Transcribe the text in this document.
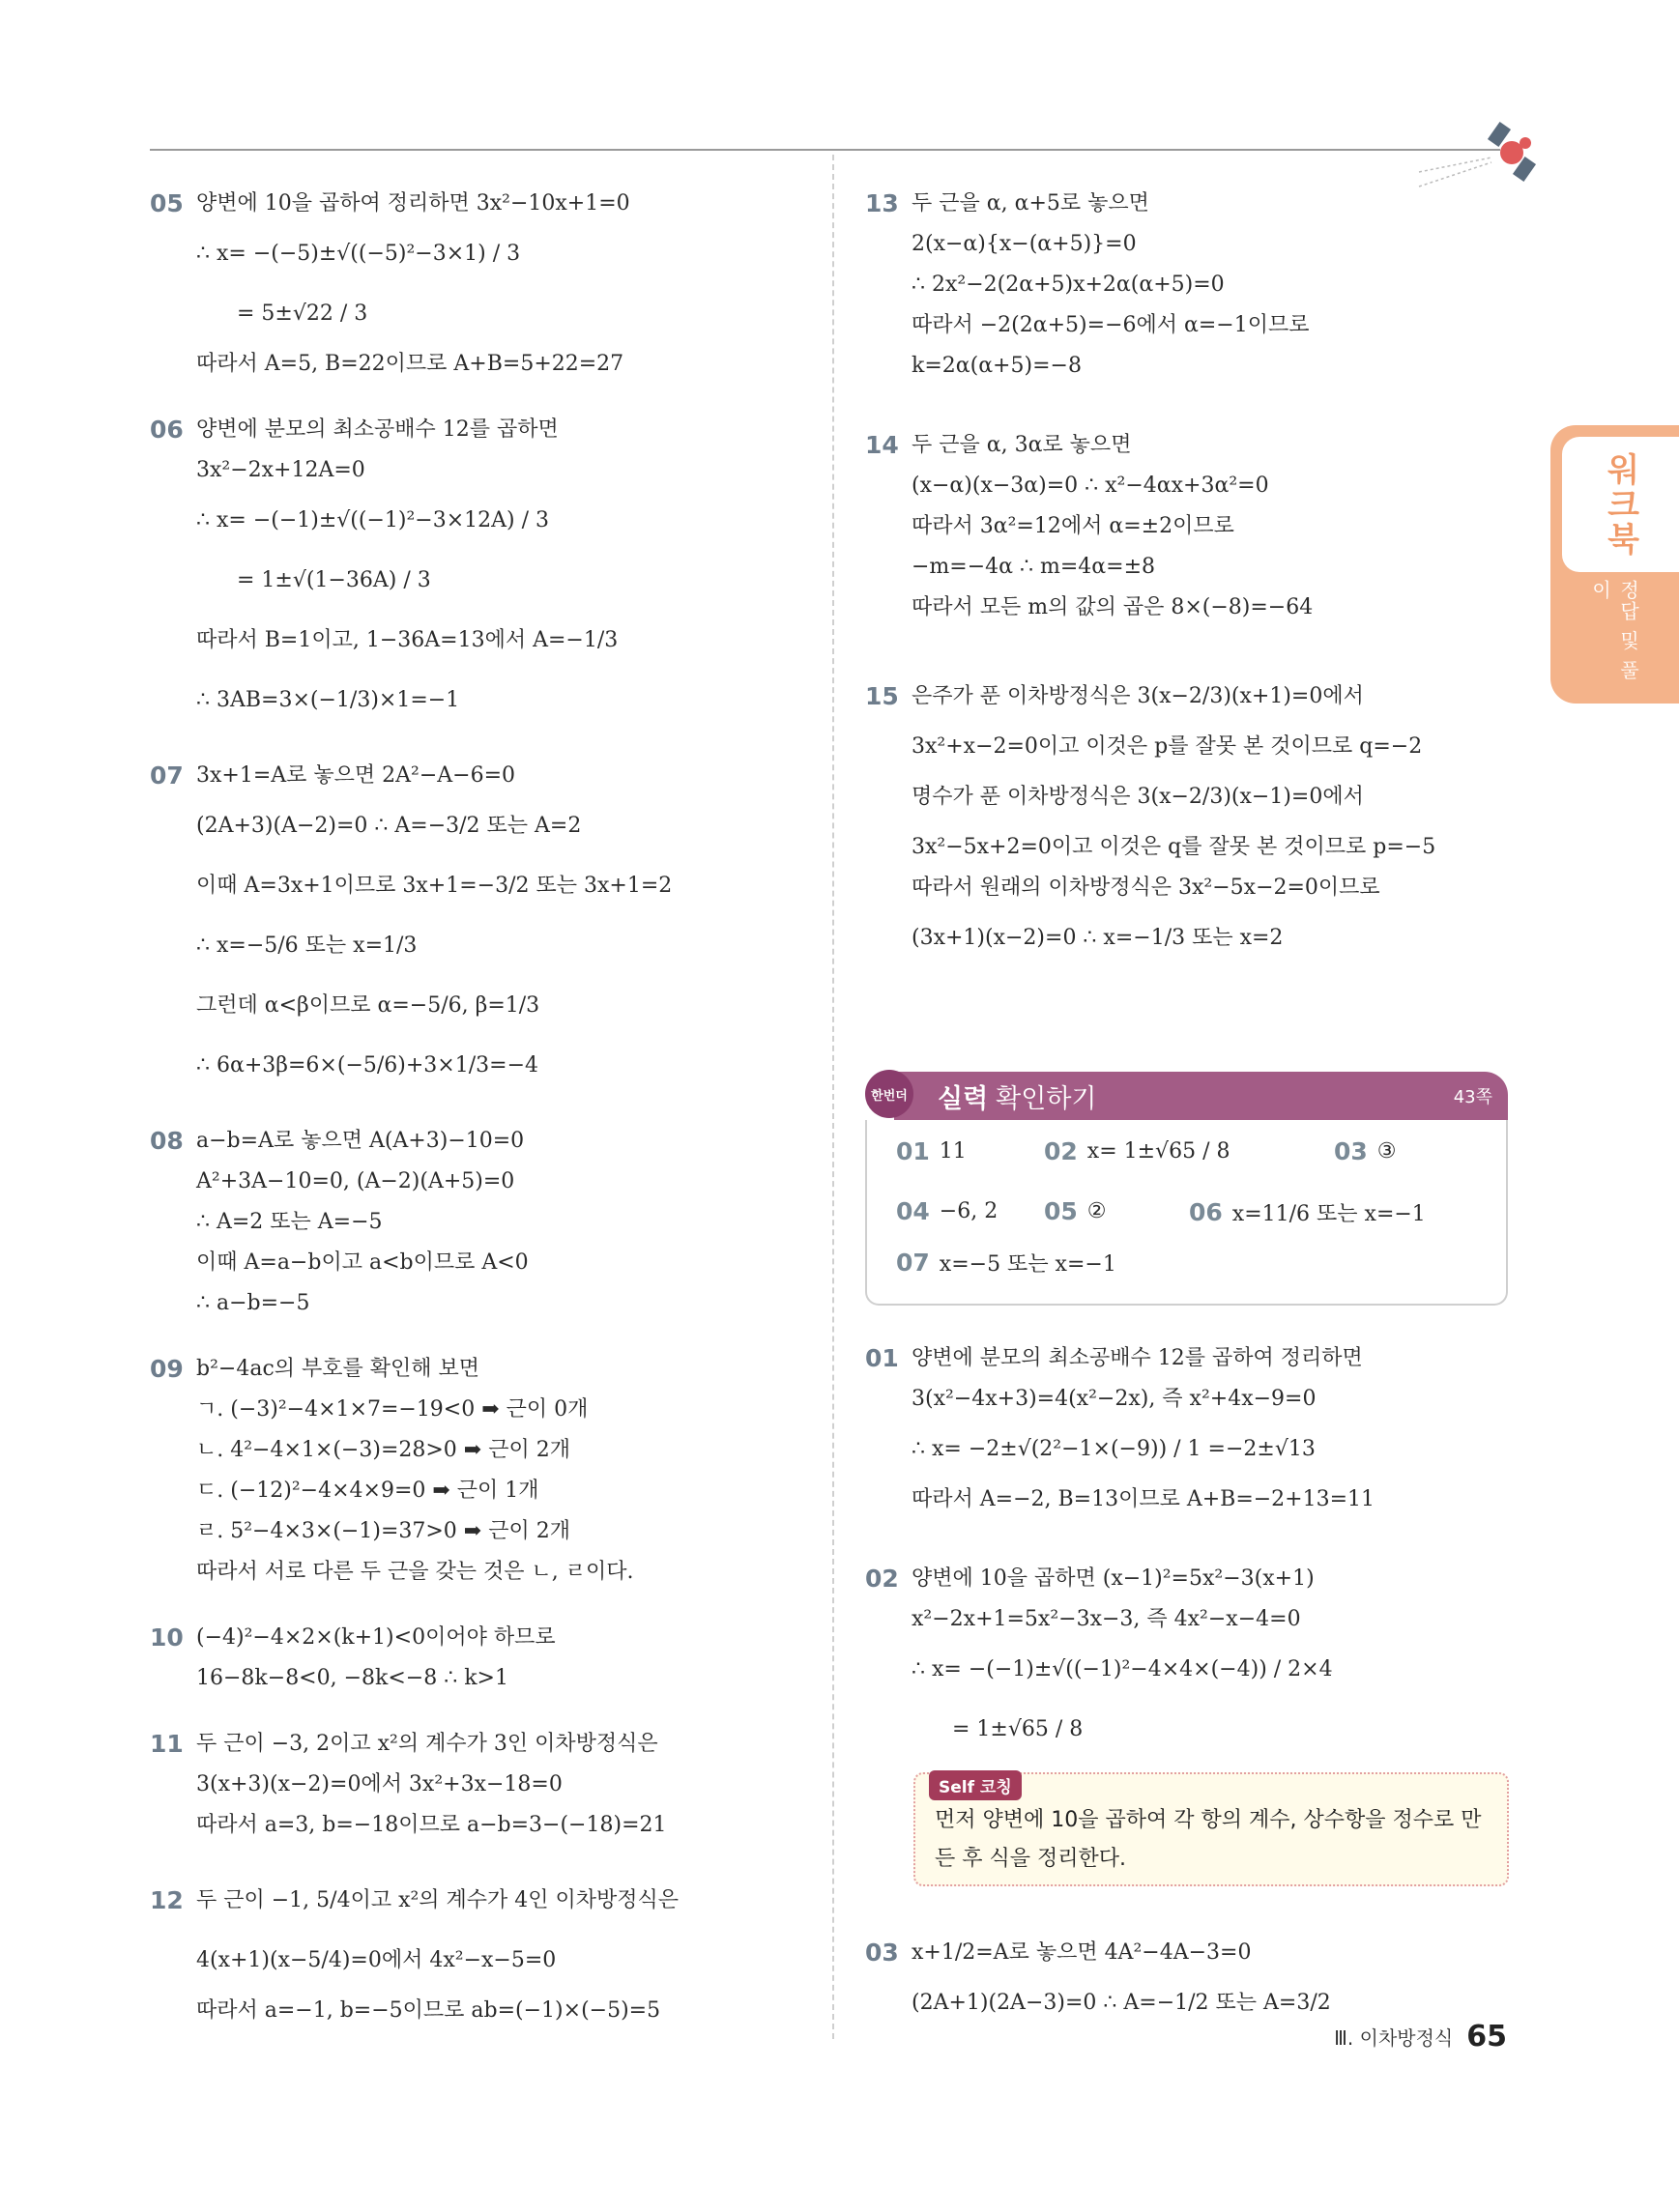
워크북
정답 및 풀이
05 양변에 10을 곱하여 정리하면 3x²−10x+1=0
∴ x= −(−5)±√((−5)²−3×1) / 3
= 5±√22 / 3
따라서 A=5, B=22이므로 A+B=5+22=27
06 양변에 분모의 최소공배수 12를 곱하면
3x²−2x+12A=0
∴ x= −(−1)±√((−1)²−3×12A) / 3
= 1±√(1−36A) / 3
따라서 B=1이고, 1−36A=13에서 A=−1/3
∴ 3AB=3×(−1/3)×1=−1
07 3x+1=A로 놓으면 2A²−A−6=0
(2A+3)(A−2)=0 ∴ A=−3/2 또는 A=2
이때 A=3x+1이므로 3x+1=−3/2 또는 3x+1=2
∴ x=−5/6 또는 x=1/3
그런데 α<β이므로 α=−5/6, β=1/3
∴ 6α+3β=6×(−5/6)+3×1/3=−4
08 a−b=A로 놓으면 A(A+3)−10=0
A²+3A−10=0, (A−2)(A+5)=0
∴ A=2 또는 A=−5
이때 A=a−b이고 a<b이므로 A<0
∴ a−b=−5
09 b²−4ac의 부호를 확인해 보면
ㄱ. (−3)²−4×1×7=−19<0 ➡ 근이 0개
ㄴ. 4²−4×1×(−3)=28>0 ➡ 근이 2개
ㄷ. (−12)²−4×4×9=0 ➡ 근이 1개
ㄹ. 5²−4×3×(−1)=37>0 ➡ 근이 2개
따라서 서로 다른 두 근을 갖는 것은 ㄴ, ㄹ이다.
10 (−4)²−4×2×(k+1)<0이어야 하므로
16−8k−8<0, −8k<−8 ∴ k>1
11 두 근이 −3, 2이고 x²의 계수가 3인 이차방정식은
3(x+3)(x−2)=0에서 3x²+3x−18=0
따라서 a=3, b=−18이므로 a−b=3−(−18)=21
12 두 근이 −1, 5/4이고 x²의 계수가 4인 이차방정식은
4(x+1)(x−5/4)=0에서 4x²−x−5=0
따라서 a=−1, b=−5이므로 ab=(−1)×(−5)=5
13 두 근을 α, α+5로 놓으면
2(x−α){x−(α+5)}=0
∴ 2x²−2(2α+5)x+2α(α+5)=0
따라서 −2(2α+5)=−6에서 α=−1이므로
k=2α(α+5)=−8
14 두 근을 α, 3α로 놓으면
(x−α)(x−3α)=0 ∴ x²−4αx+3α²=0
따라서 3α²=12에서 α=±2이므로
−m=−4α ∴ m=4α=±8
따라서 모든 m의 값의 곱은 8×(−8)=−64
15 은주가 푼 이차방정식은 3(x−2/3)(x+1)=0에서
3x²+x−2=0이고 이것은 p를 잘못 본 것이므로 q=−2
명수가 푼 이차방정식은 3(x−2/3)(x−1)=0에서
3x²−5x+2=0이고 이것은 q를 잘못 본 것이므로 p=−5
따라서 원래의 이차방정식은 3x²−5x−2=0이므로
(3x+1)(x−2)=0 ∴ x=−1/3 또는 x=2
한번더 실력 확인하기	43쪽
01 11	02 x= 1±√65 / 8	03 ③
04 −6, 2 05 ②	06 x=11/6 또는 x=−1
07 x=−5 또는 x=−1
01 양변에 분모의 최소공배수 12를 곱하여 정리하면
3(x²−4x+3)=4(x²−2x), 즉 x²+4x−9=0
∴ x= −2±√(2²−1×(−9)) / 1 =−2±√13
따라서 A=−2, B=13이므로 A+B=−2+13=11
02 양변에 10을 곱하면 (x−1)²=5x²−3(x+1)
x²−2x+1=5x²−3x−3, 즉 4x²−x−4=0
∴ x= −(−1)±√((−1)²−4×4×(−4)) / 2×4
= 1±√65 / 8
Self 코칭
먼저 양변에 10을 곱하여 각 항의 계수, 상수항을 정수로 만든 후 식을 정리한다.
03 x+1/2=A로 놓으면 4A²−4A−3=0
(2A+1)(2A−3)=0 ∴ A=−1/2 또는 A=3/2
Ⅲ. 이차방정식 65
